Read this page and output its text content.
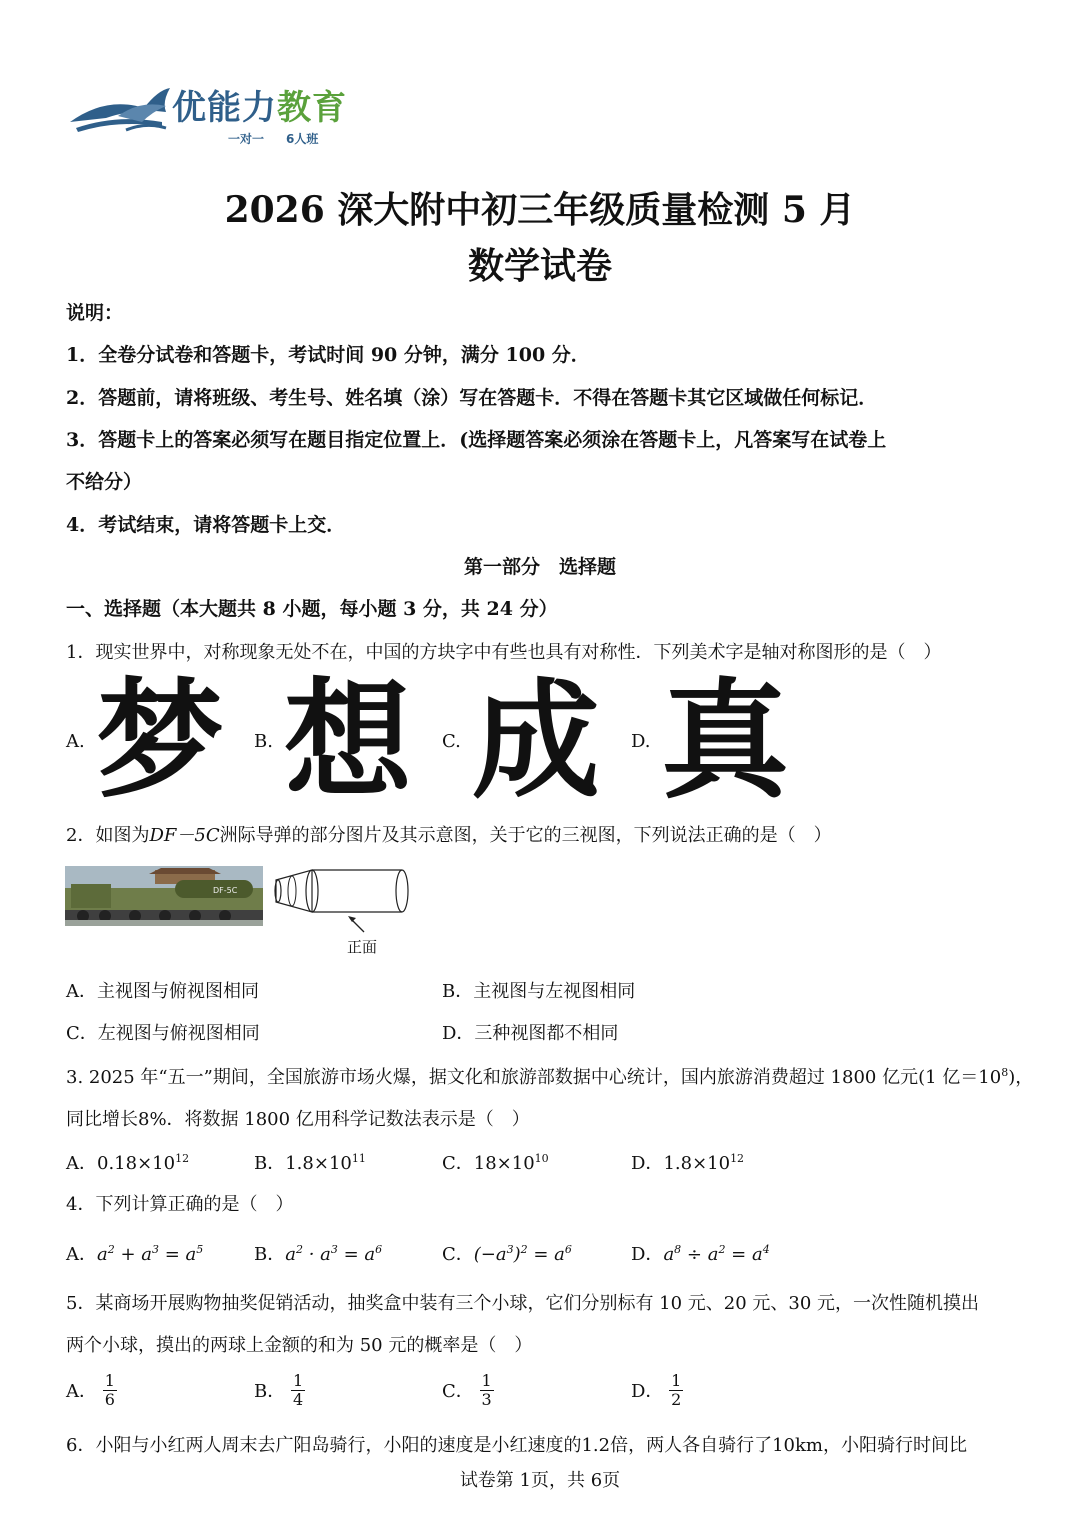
优能力教育
一对一 6人班
2026 深大附中初三年级质量检测 5 月
数学试卷
说明：
1．全卷分试卷和答题卡，考试时间 90 分钟，满分 100 分．
2．答题前，请将班级、考生号、姓名填（涂）写在答题卡．不得在答题卡其它区域做任何标记．
3．答题卡上的答案必须写在题目指定位置上．(选择题答案必须涂在答题卡上，凡答案写在试卷上
不给分）
4．考试结束，请将答题卡上交．
第一部分　选择题
一、选择题（本大题共 8 小题，每小题 3 分，共 24 分）
1．现实世界中，对称现象无处不在，中国的方块字中有些也具有对称性．下列美术字是轴对称图形的是（　）
A. 梦 B. 想 C. 成 D. 真
2．如图为DF－5C洲际导弹的部分图片及其示意图，关于它的三视图，下列说法正确的是（　）
DF-5C
正面
A．主视图与俯视图相同	B．主视图与左视图相同
C．左视图与俯视图相同	D．三种视图都不相同
3. 2025 年“五一”期间，全国旅游市场火爆，据文化和旅游部数据中心统计，国内旅游消费超过 1800 亿元(1 亿$=10^8$)，
同比增长8%．将数据 1800 亿用科学记数法表示是（　）
A．$0.18\times 10^{12}$	B．$1.8\times 10^{11}$	C．$18\times 10^{10}$	D．$1.8\times 10^{12}$
4．下列计算正确的是（　）
A．$a^2 + a^3 = a^5$	B．$a^2 \cdot a^3 = a^6$	C．$(-a^3)^2 = a^6$	D．$a^8 \div a^2 = a^4$
5．某商场开展购物抽奖促销活动，抽奖盒中装有三个小球，它们分别标有 10 元、20 元、30 元，一次性随机摸出
两个小球，摸出的两球上金额的和为 50 元的概率是（　）
A． $\frac{1}{6}$	B． $\frac{1}{4}$	C． $\frac{1}{3}$	D． $\frac{1}{2}$
6．小阳与小红两人周末去广阳岛骑行，小阳的速度是小红速度的1.2倍，两人各自骑行了10km，小阳骑行时间比
试卷第 1页，共 6页
